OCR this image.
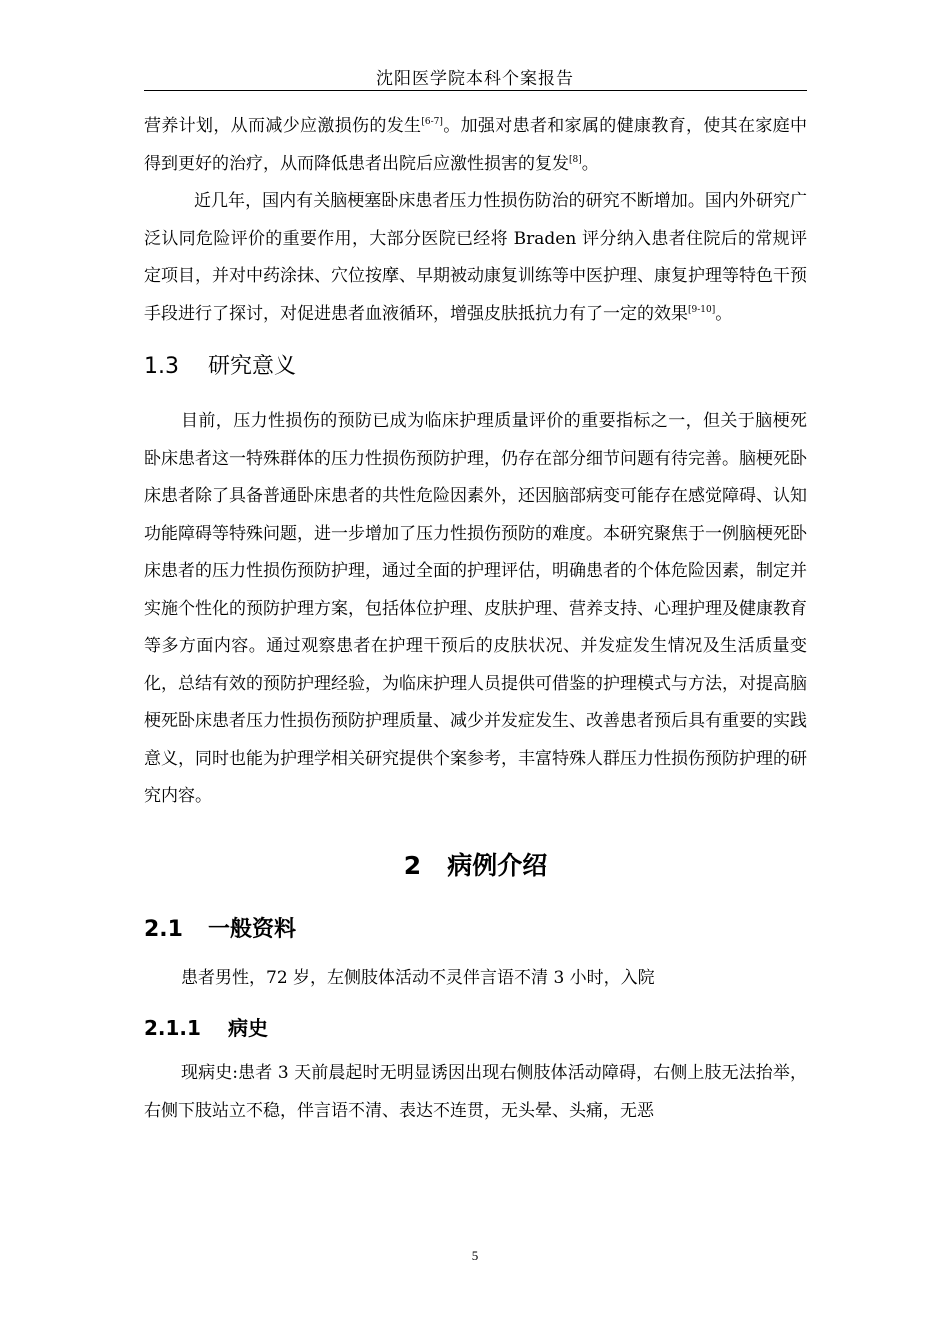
沈阳医学院本科个案报告

营养计划，从而减少应激损伤的发生[6-7]。加强对患者和家属的健康教育，使其在家庭中得到更好的治疗，从而降低患者出院后应激性损害的复发[8]。

近几年，国内有关脑梗塞卧床患者压力性损伤防治的研究不断增加。国内外研究广泛认同危险评价的重要作用，大部分医院已经将 Braden 评分纳入患者住院后的常规评定项目，并对中药涂抹、穴位按摩、早期被动康复训练等中医护理、康复护理等特色干预手段进行了探讨，对促进患者血液循环，增强皮肤抵抗力有了一定的效果[9-10]。

1.3 研究意义

目前，压力性损伤的预防已成为临床护理质量评价的重要指标之一，但关于脑梗死卧床患者这一特殊群体的压力性损伤预防护理，仍存在部分细节问题有待完善。脑梗死卧床患者除了具备普通卧床患者的共性危险因素外，还因脑部病变可能存在感觉障碍、认知功能障碍等特殊问题，进一步增加了压力性损伤预防的难度。本研究聚焦于一例脑梗死卧床患者的压力性损伤预防护理，通过全面的护理评估，明确患者的个体危险因素，制定并实施个性化的预防护理方案，包括体位护理、皮肤护理、营养支持、心理护理及健康教育等多方面内容。通过观察患者在护理干预后的皮肤状况、并发症发生情况及生活质量变化，总结有效的预防护理经验，为临床护理人员提供可借鉴的护理模式与方法，对提高脑梗死卧床患者压力性损伤预防护理质量、减少并发症发生、改善患者预后具有重要的实践意义，同时也能为护理学相关研究提供个案参考，丰富特殊人群压力性损伤预防护理的研究内容。

2 病例介绍
2.1 一般资料

患者男性，72 岁，左侧肢体活动不灵伴言语不清 3 小时，入院

2.1.1 病史

现病史:患者 3 天前晨起时无明显诱因出现右侧肢体活动障碍，右侧上肢无法抬举，右侧下肢站立不稳，伴言语不清、表达不连贯，无头晕、头痛，无恶

5
